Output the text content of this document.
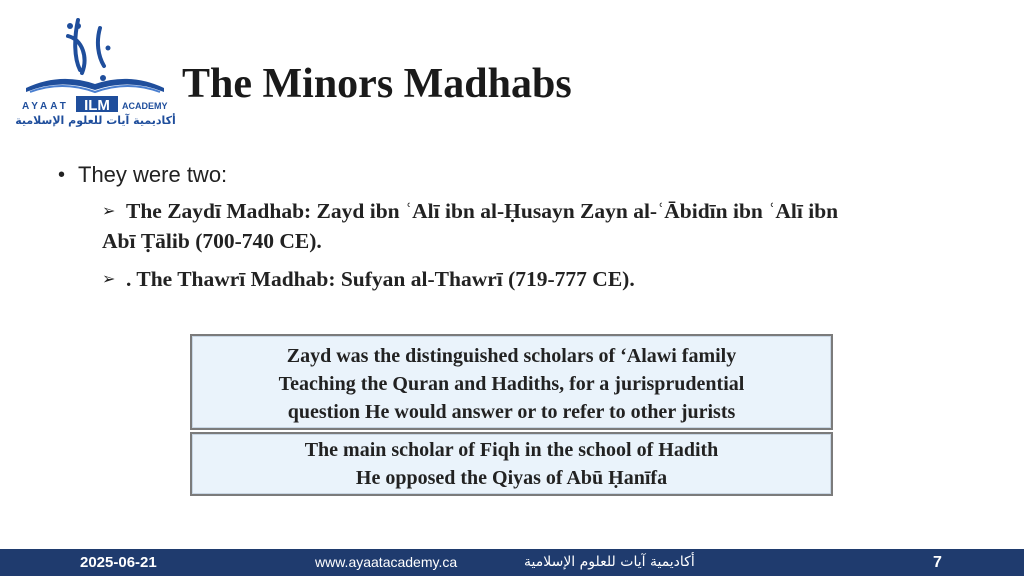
AYAAT ILM ACADEMY
أكاديمية آيات للعلوم الإسلامية
The Minors Madhabs
• They were two:
➢ The Zaydī Madhab: Zayd ibn ʿAlī ibn al-Ḥusayn Zayn al-ʿĀbidīn ibn ʿAlī ibn
Abī Ṭālib (700-740 CE).
➢ . The Thawrī Madhab: Sufyan al-Thawrī (719-777 CE).
Zayd was the distinguished scholars of ‘Alawi family
Teaching the Quran and Hadiths, for a jurisprudential
question He would answer or to refer to other jurists
The main scholar of Fiqh in the school of Hadith
He opposed the Qiyas of Abū Ḥanīfa
2025-06-21	www.ayaatacademy.ca	أكاديمية آيات للعلوم الإسلامية	7
